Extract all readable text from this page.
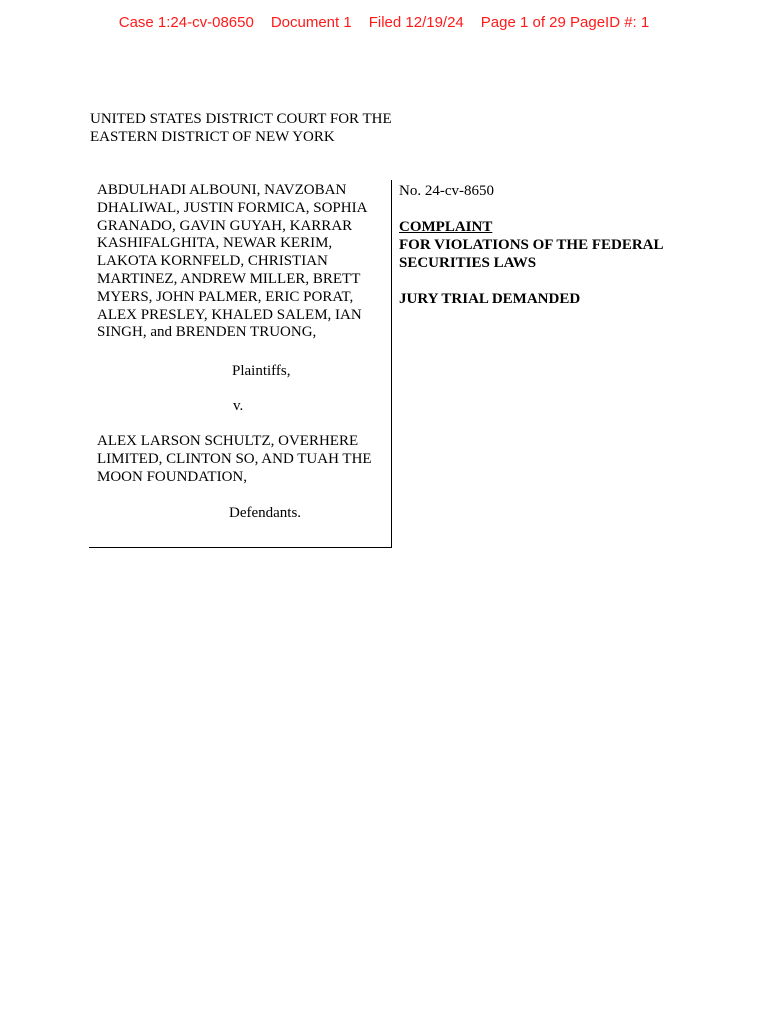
Case 1:24-cv-08650 Document 1 Filed 12/19/24 Page 1 of 29 PageID #: 1
UNITED STATES DISTRICT COURT FOR THE
EASTERN DISTRICT OF NEW YORK
ABDULHADI ALBOUNI, NAVZOBAN
DHALIWAL, JUSTIN FORMICA, SOPHIA
GRANADO, GAVIN GUYAH, KARRAR
KASHIFALGHITA, NEWAR KERIM,
LAKOTA KORNFELD, CHRISTIAN
MARTINEZ, ANDREW MILLER, BRETT
MYERS, JOHN PALMER, ERIC PORAT,
ALEX PRESLEY, KHALED SALEM, IAN
SINGH, and BRENDEN TRUONG,
Plaintiffs,
v.
ALEX LARSON SCHULTZ, OVERHERE
LIMITED, CLINTON SO, AND TUAH THE
MOON FOUNDATION,
Defendants.
No. 24-cv-8650
COMPLAINT
FOR VIOLATIONS OF THE FEDERAL
SECURITIES LAWS
JURY TRIAL DEMANDED
